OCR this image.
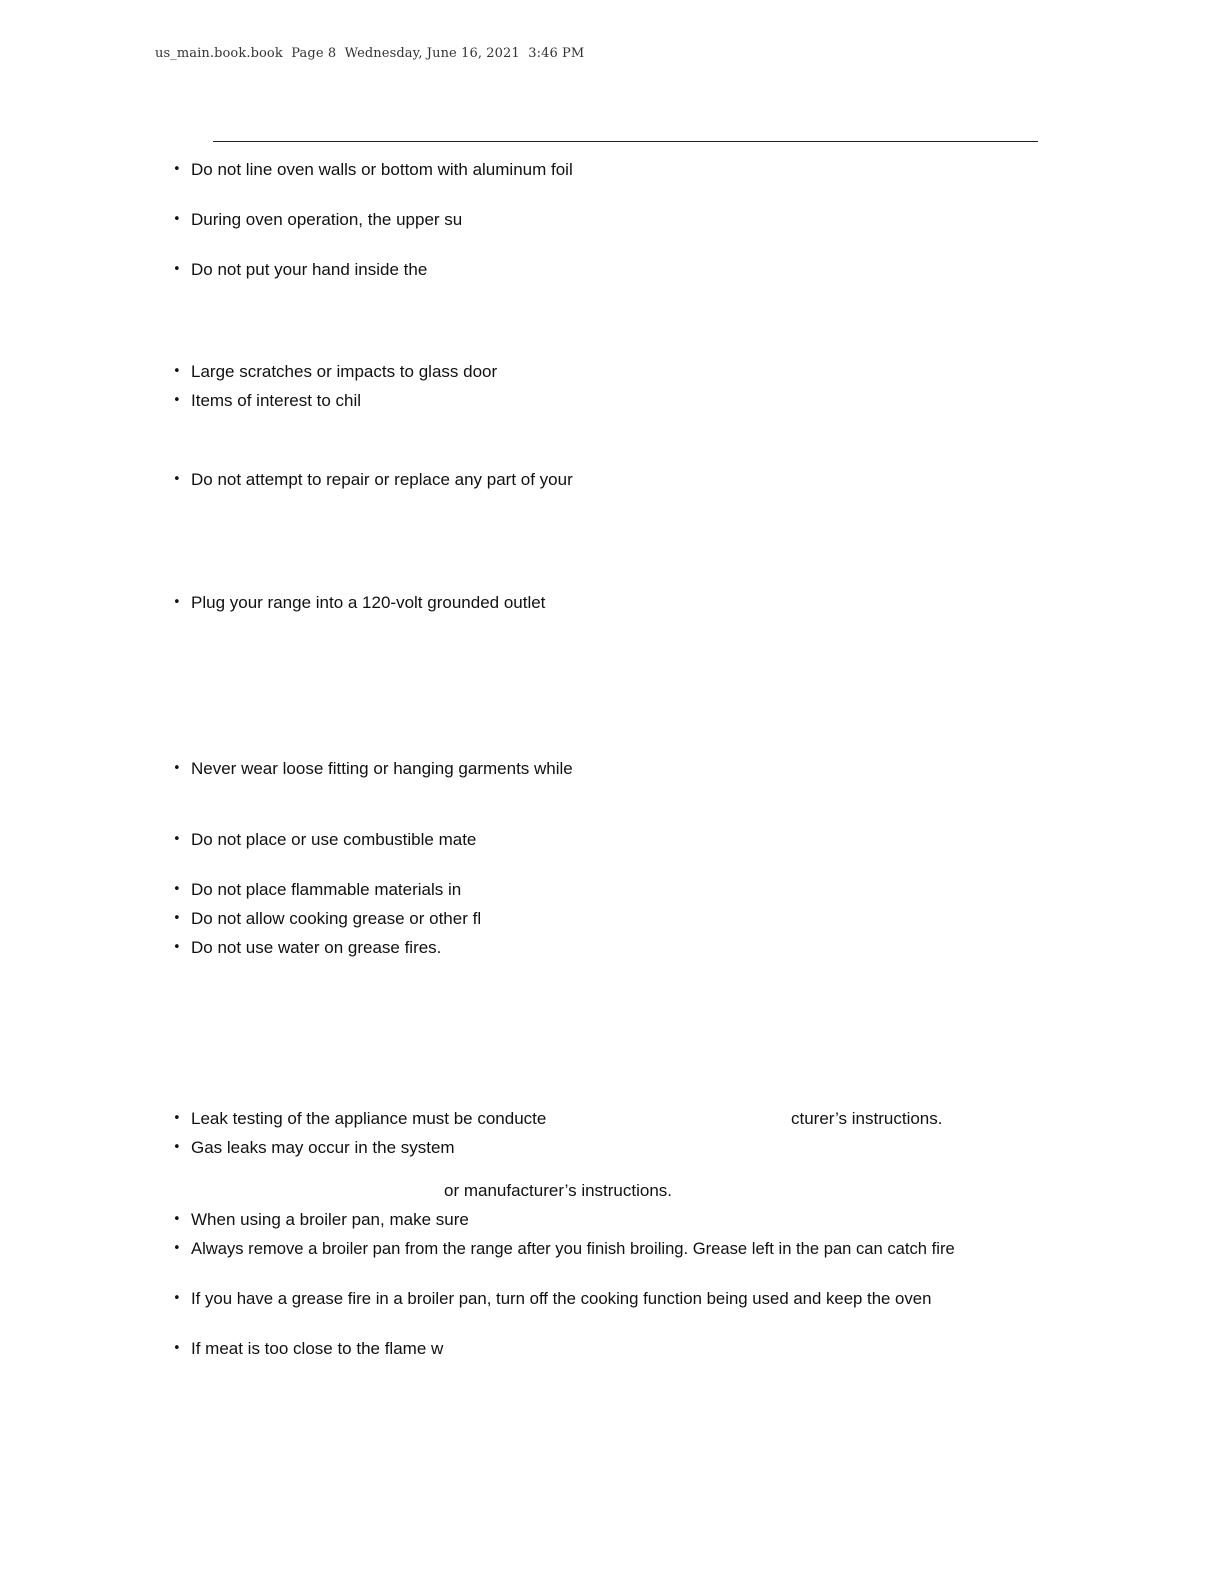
us_main.book.book  Page 8  Wednesday, June 16, 2021  3:46 PM
• Do not line oven walls or bottom with aluminum foil
• During oven operation, the upper su
• Do not put your hand inside the
• Large scratches or impacts to glass door
• Items of interest to chil
• Do not attempt to repair or replace any part of your
• Plug your range into a 120-volt grounded outlet
• Never wear loose fitting or hanging garments while
• Do not place or use combustible mate
• Do not place flammable materials in
• Do not allow cooking grease or other fl
• Do not use water on grease fires.
• Leak testing of the appliance must be conducte	cturer’s instructions.
• Gas leaks may occur in the system
or manufacturer’s instructions.
• When using a broiler pan, make sure
• Always remove a broiler pan from the range after you finish broiling. Grease left in the pan can catch fire
• If you have a grease fire in a broiler pan, turn off the cooking function being used and keep the oven
• If meat is too close to the flame w
